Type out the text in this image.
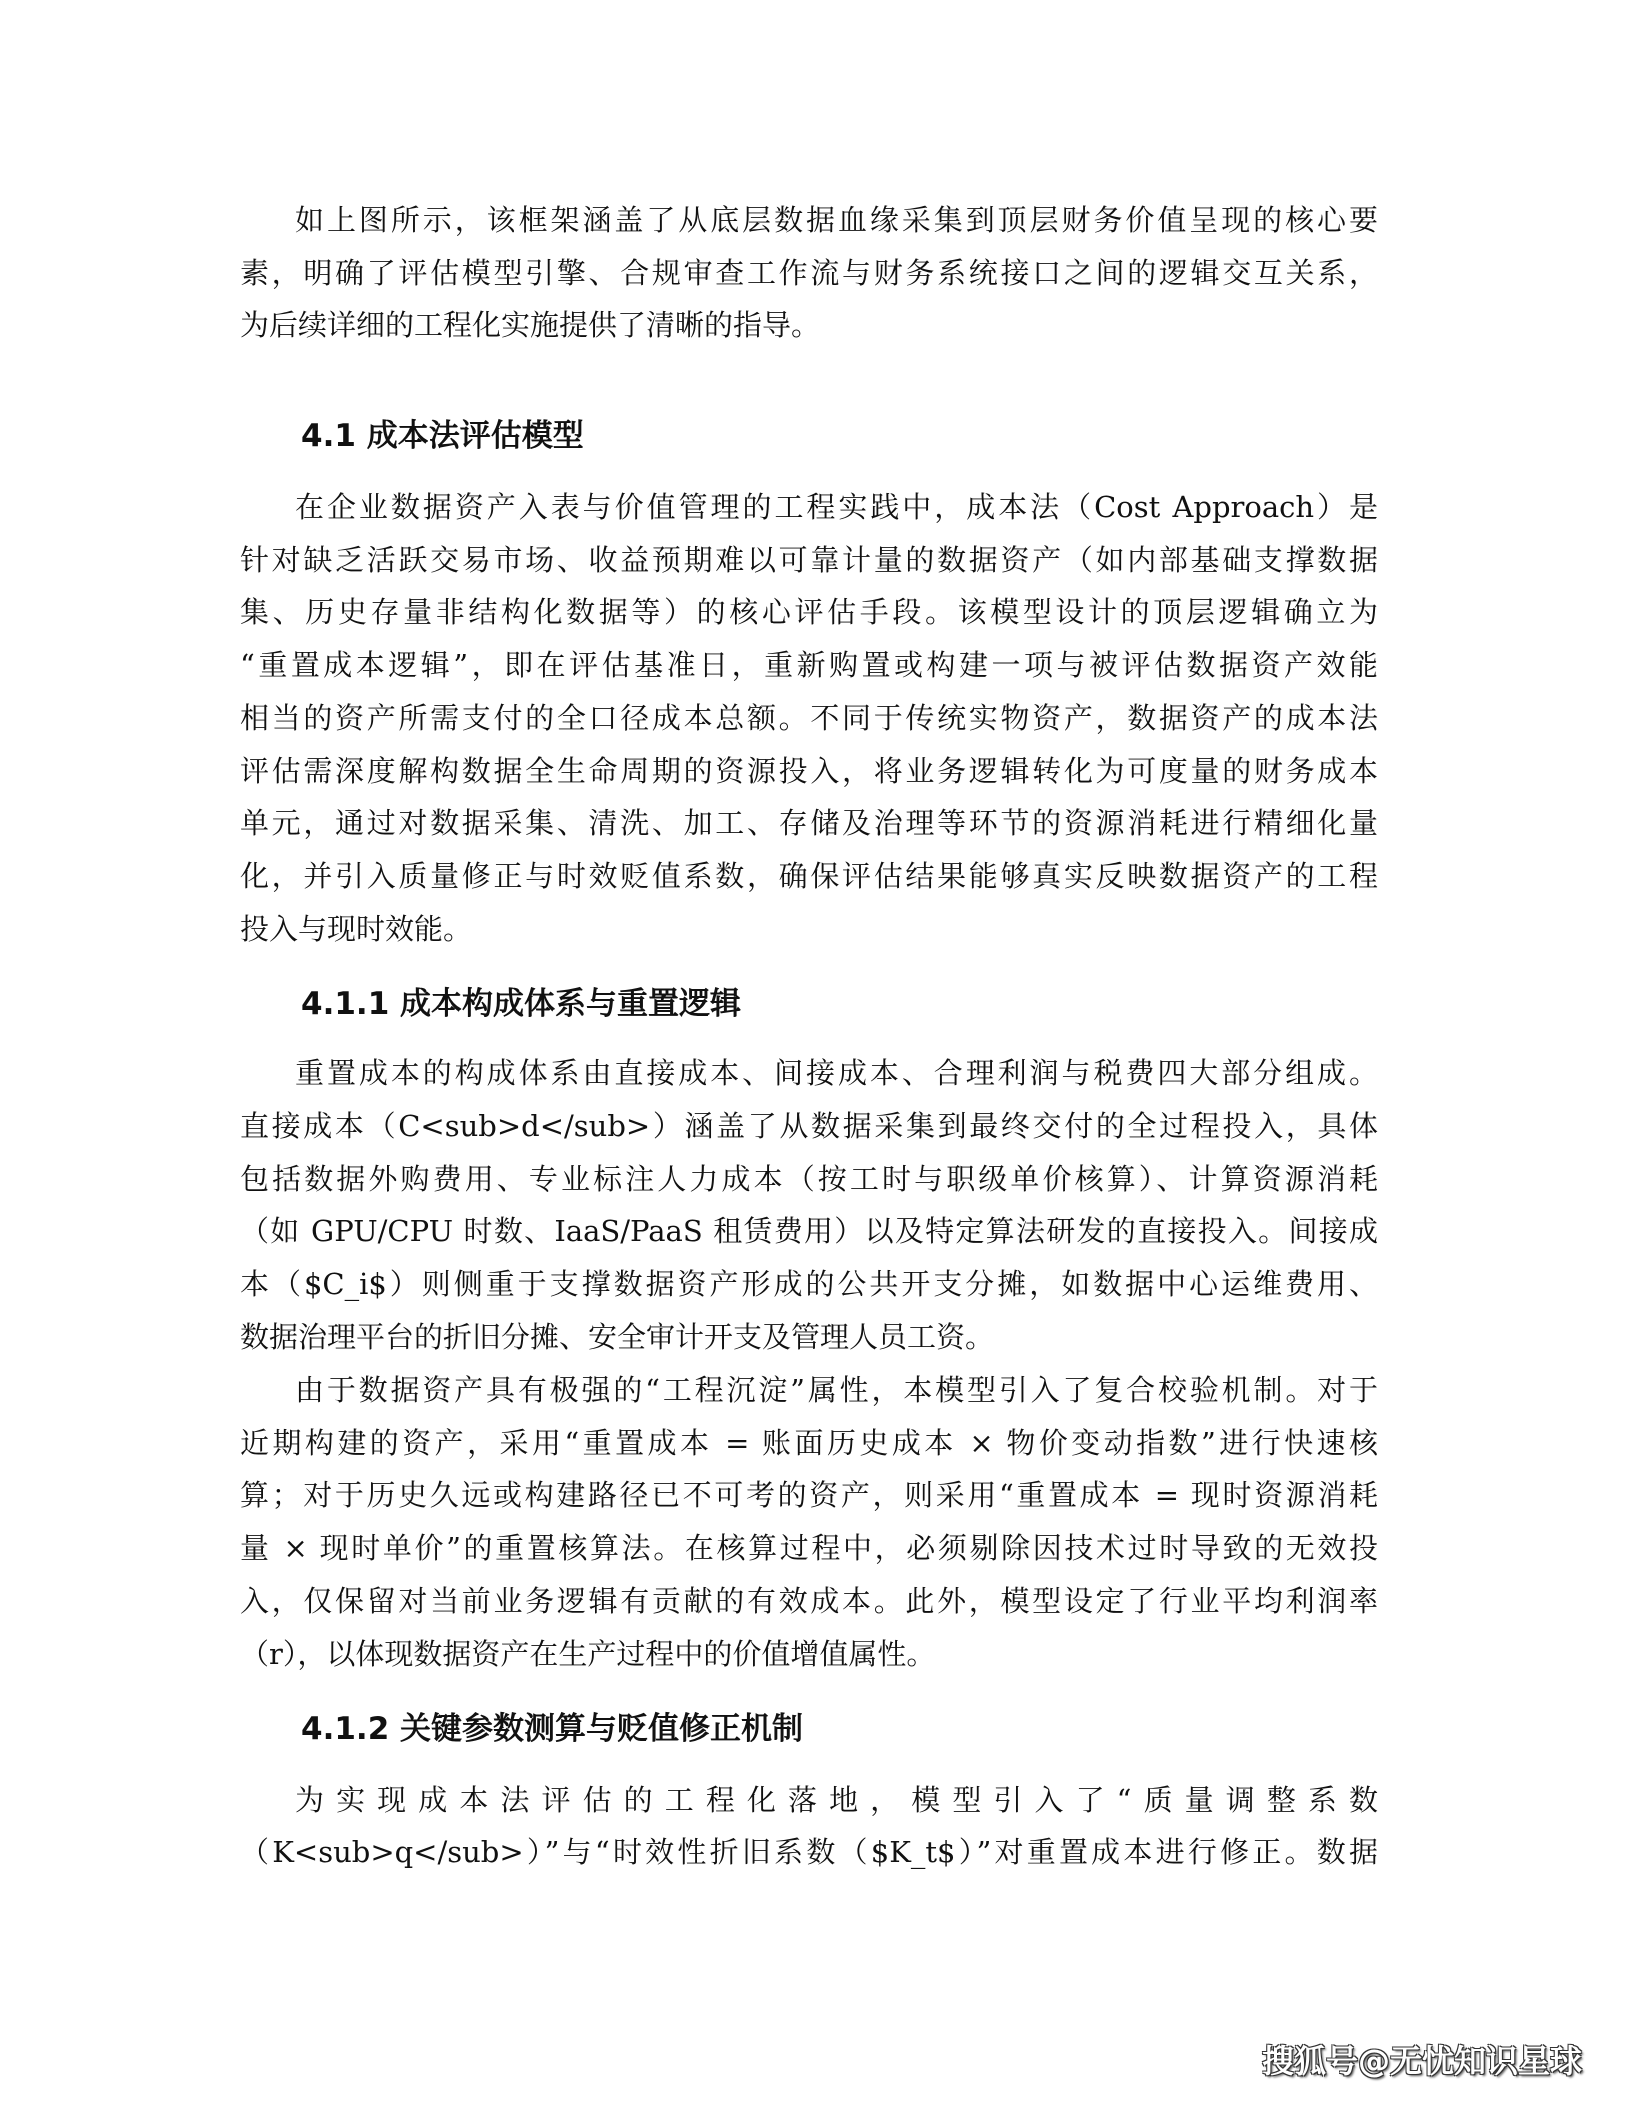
4.1 成本法评估模型
4.1.1 成本构成体系与重置逻辑
4.1.2 关键参数测算与贬值修正机制
搜狐号@无忧知识星球
如上图所示，该框架涵盖了从底层数据血缘采集到顶层财务价值呈现的核心要
素，明确了评估模型引擎、合规审查工作流与财务系统接口之间的逻辑交互关系，
为后续详细的工程化实施提供了清晰的指导。
在企业数据资产入表与价值管理的工程实践中，成本法（Cost Approach）是
针对缺乏活跃交易市场、收益预期难以可靠计量的数据资产（如内部基础支撑数据
集、历史存量非结构化数据等）的核心评估手段。该模型设计的顶层逻辑确立为
“重置成本逻辑”，即在评估基准日，重新购置或构建一项与被评估数据资产效能
相当的资产所需支付的全口径成本总额。不同于传统实物资产，数据资产的成本法
评估需深度解构数据全生命周期的资源投入，将业务逻辑转化为可度量的财务成本
单元，通过对数据采集、清洗、加工、存储及治理等环节的资源消耗进行精细化量
化，并引入质量修正与时效贬值系数，确保评估结果能够真实反映数据资产的工程
投入与现时效能。
重置成本的构成体系由直接成本、间接成本、合理利润与税费四大部分组成。
直接成本（C<sub>d</sub>）涵盖了从数据采集到最终交付的全过程投入，具体
包括数据外购费用、专业标注人力成本（按工时与职级单价核算）、计算资源消耗
（如 GPU/CPU 时数、IaaS/PaaS 租赁费用）以及特定算法研发的直接投入。间接成
本（$C_i$）则侧重于支撑数据资产形成的公共开支分摊，如数据中心运维费用、
数据治理平台的折旧分摊、安全审计开支及管理人员工资。
由于数据资产具有极强的“工程沉淀”属性，本模型引入了复合校验机制。对于
近期构建的资产，采用“重置成本 = 账面历史成本 × 物价变动指数”进行快速核
算；对于历史久远或构建路径已不可考的资产，则采用“重置成本 = 现时资源消耗
量 × 现时单价”的重置核算法。在核算过程中，必须剔除因技术过时导致的无效投
入，仅保留对当前业务逻辑有贡献的有效成本。此外，模型设定了行业平均利润率
（r），以体现数据资产在生产过程中的价值增值属性。
为实现成本法评估的工程化落地，模型引入了“质量调整系数
（K<sub>q</sub>）”与“时效性折旧系数（$K_t$）”对重置成本进行修正。数据
